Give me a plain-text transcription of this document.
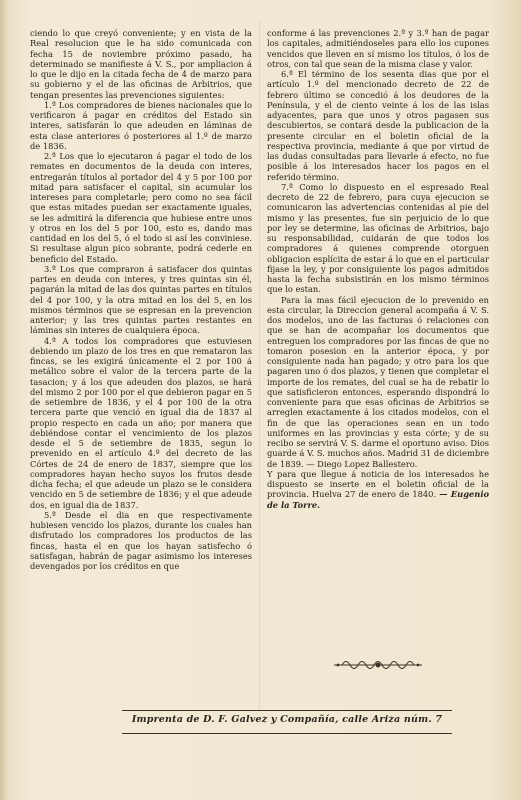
ciendo lo que creyó conveniente; y en vista de la Real resolucion que le ha sido comunicada con fecha 15 de noviembre próximo pasado, ha determinado se manifieste á V. S., por ampliacion á lo que le dijo en la citada fecha de 4 de marzo para su gobierno y el de las oficinas de Arbitrios, que tengan presentes las prevenciones siguientes:

1.ª Los compradores de bienes nacionales que lo verificaron á pagar en créditos del Estado sin interes, satisfarán lo que adeuden en láminas de esta clase anteriores ó posteriores al 1.º de marzo de 1836.

2.ª Los que lo ejecutaron á pagar el todo de los remates en documentos de la deuda con interes, entregarán títulos al portador del 4 y 5 por 100 por mitad para satisfacer el capital, sin acumular los intereses para completarle; pero como no sea fácil que estas mitades puedan ser exactamente iguales, se les admitirá la diferencia que hubiese entre unos y otros en los del 5 por 100, esto es, dando mas cantidad en los del 5, ó el todo si así les conviniese. Si resultase algun pico sobrante, podrá cederle en beneficio del Estado.

3.ª Los que compraron á satisfacer dos quintas partes en deuda con interes, y tres quintas sin él, pagarán la mitad de las dos quintas partes en títulos del 4 por 100, y la otra mitad en los del 5, en los mismos términos que se espresan en la prevencion anterior; y las tres quintas partes restantes en láminas sin interes de cualquiera época.

4.ª A todos los compradores que estuviesen debiendo un plazo de los tres en que remataron las fincas, se les exigirá únicamente el 2 por 100 á metálico sobre el valor de la tercera parte de la tasacion; y á los que adeuden dos plazos, se hará del mismo 2 por 100 por el que debieron pagar en 5 de setiembre de 1836, y el 4 por 100 de la otra tercera parte que venció en igual dia de 1837 al propio respecto en cada un año; por manera que debiéndose contar el vencimiento de los plazos desde el 5 de setiembre de 1835, segun lo prevenido en el artículo 4.º del decreto de las Córtes de 24 de enero de 1837, siempre que los compradores hayan hecho suyos los frutos desde dicha fecha; el que adeude un plazo se le considera vencido en 5 de setiembre de 1836; y el que adeude dos, en igual dia de 1837.

5.ª Desde el dia en que respectivamente hubiesen vencido los plazos, durante los cuales han disfrutado los compradores los productos de las fincas, hasta el en que los hayan satisfecho ó satisfagan, habrán de pagar asimismo los intereses devengados por los créditos en que

conforme á las prevenciones 2.ª y 3.ª han de pagar los capitales, admitiéndoseles para ello los cupones vencidos que lleven en sí mismo los títulos, ó los de otros, con tal que sean de la misma clase y valor.

6.ª El término de los sesenta dias que por el artículo 1.º del mencionado decreto de 22 de febrero último se concedió á los deudores de la Península, y el de ciento veinte á los de las islas adyacentes, para que unos y otros pagasen sus descubiertos, se contará desde la publicacion de la presente circular en el boletin oficial de la respectiva provincia, mediante á que por virtud de las dudas consultadas para llevarle á efecto, no fue posible á los interesados hacer los pagos en el referido término.

7.ª Como lo dispuesto en el espresado Real decreto de 22 de febrero, para cuya ejecucion se comunicaron las advertencias contenidas al pie del mismo y las presentes, fue sin perjuicio de lo que por ley se determine, las oficinas de Arbitrios, bajo su responsabilidad, cuidarán de que todos los compradores á quienes comprende otorguen obligacion esplícita de estar á lo que en el particular fijase la ley, y por consiguiente los pagos admitidos hasta la fecha subsistirán en los mismo términos que lo estan.

Para la mas fácil ejecucion de lo prevenido en esta circular, la Direccion general acompaña á V. S. dos modelos, uno de las facturas ó relaciones con que se han de acompañar los documentos que entreguen los compradores por las fincas de que no tomaron posesion en la anterior época, y por consiguiente nada han pagado; y otro para los que pagaren uno ó dos plazos, y tienen que completar el importe de los remates, del cual se ha de rebatir lo que satisficieron entonces, esperando dispondrá lo conveniente para que esas oficinas de Arbitrios se arreglen exactamente á los citados modelos, con el fin de que las operaciones sean en un todo uniformes en las provincias y esta córte; y de su recibo se servirá V. S. darme el oportuno aviso. Dios guarde á V. S. muchos años. Madrid 31 de diciembre de 1839. — Diego Lopez Ballestero.

Y para que llegue á noticia de los interesados he dispuesto se inserte en el boletin oficial de la provincia. Huelva 27 de enero de 1840. — Eugenio de la Torre.

Imprenta de D. F. Galvez y Compañía, calle Ariza núm. 7
